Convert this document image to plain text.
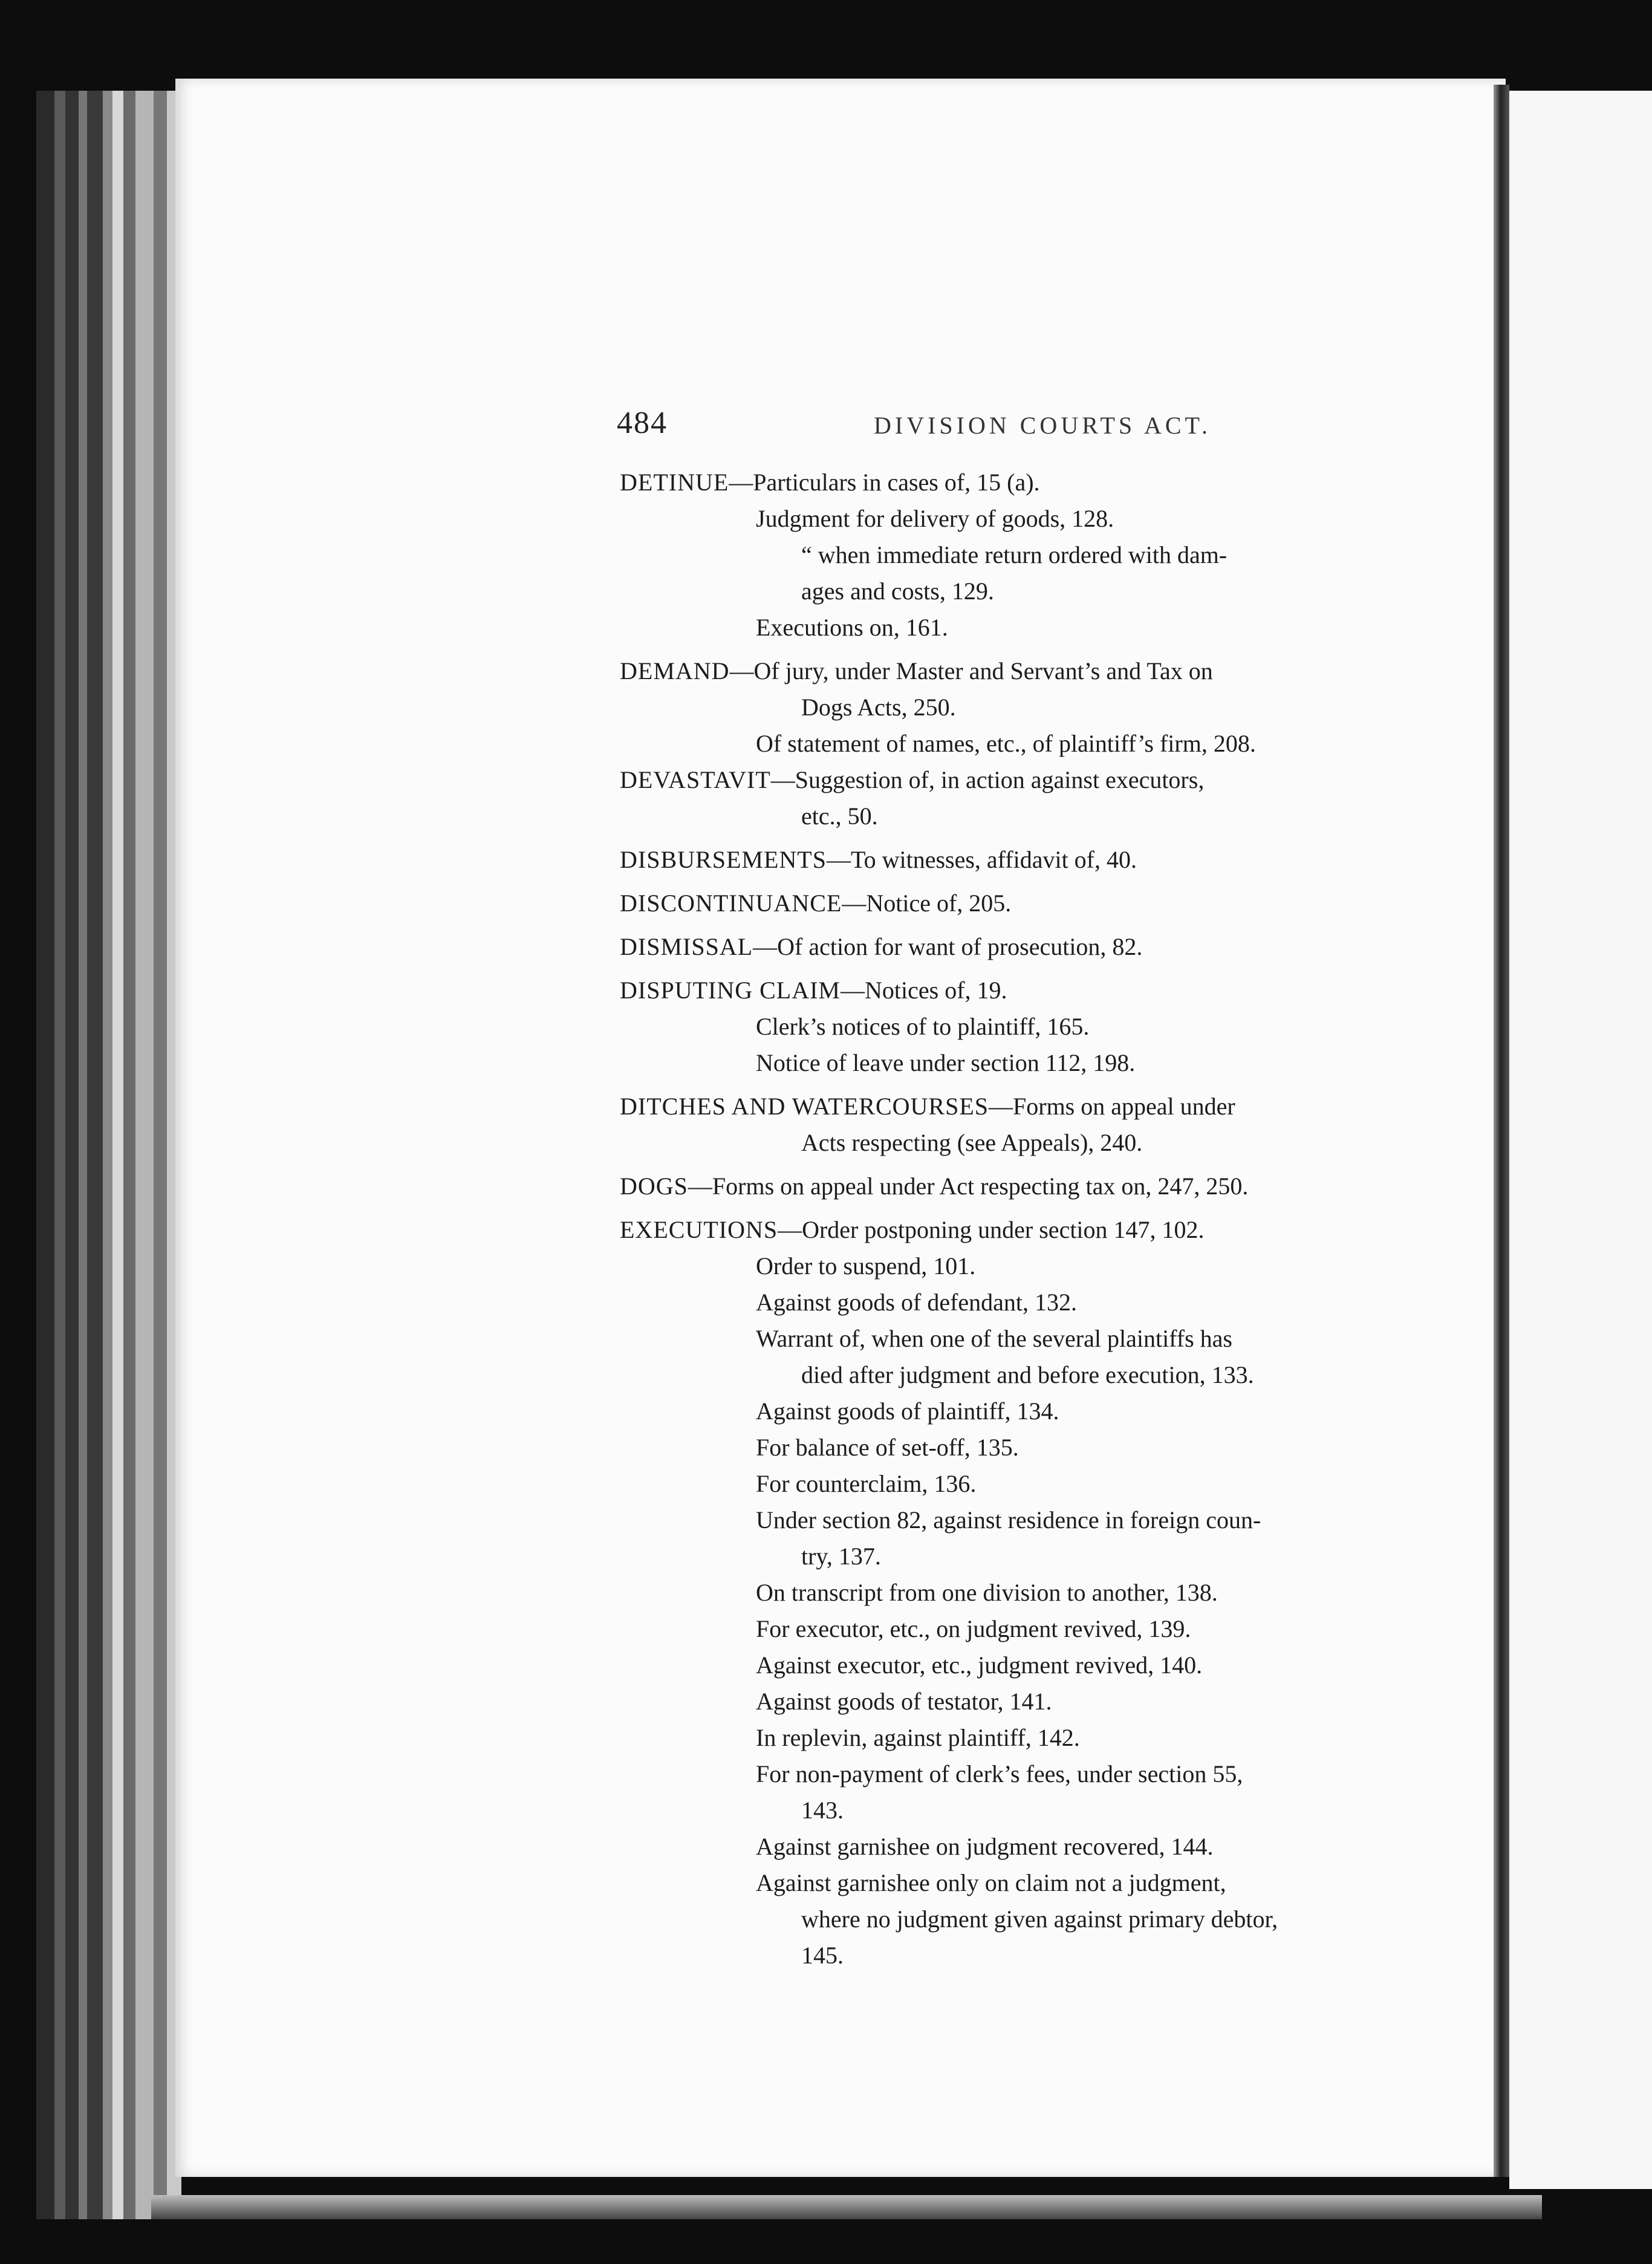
484	DIVISION COURTS ACT.
DETINUE—Particulars in cases of, 15 (a).
Judgment for delivery of goods, 128.
“ when immediate return ordered with dam-
ages and costs, 129.
Executions on, 161.
DEMAND—Of jury, under Master and Servant’s and Tax on
Dogs Acts, 250.
Of statement of names, etc., of plaintiff’s firm, 208.
DEVASTAVIT—Suggestion of, in action against executors,
etc., 50.
DISBURSEMENTS—To witnesses, affidavit of, 40.
DISCONTINUANCE—Notice of, 205.
DISMISSAL—Of action for want of prosecution, 82.
DISPUTING CLAIM—Notices of, 19.
Clerk’s notices of to plaintiff, 165.
Notice of leave under section 112, 198.
DITCHES AND WATERCOURSES—Forms on appeal under
Acts respecting (see Appeals), 240.
DOGS—Forms on appeal under Act respecting tax on, 247, 250.
EXECUTIONS—Order postponing under section 147, 102.
Order to suspend, 101.
Against goods of defendant, 132.
Warrant of, when one of the several plaintiffs has
died after judgment and before execution, 133.
Against goods of plaintiff, 134.
For balance of set-off, 135.
For counterclaim, 136.
Under section 82, against residence in foreign coun-
try, 137.
On transcript from one division to another, 138.
For executor, etc., on judgment revived, 139.
Against executor, etc., judgment revived, 140.
Against goods of testator, 141.
In replevin, against plaintiff, 142.
For non-payment of clerk’s fees, under section 55,
143.
Against garnishee on judgment recovered, 144.
Against garnishee only on claim not a judgment,
where no judgment given against primary debtor,
145.
